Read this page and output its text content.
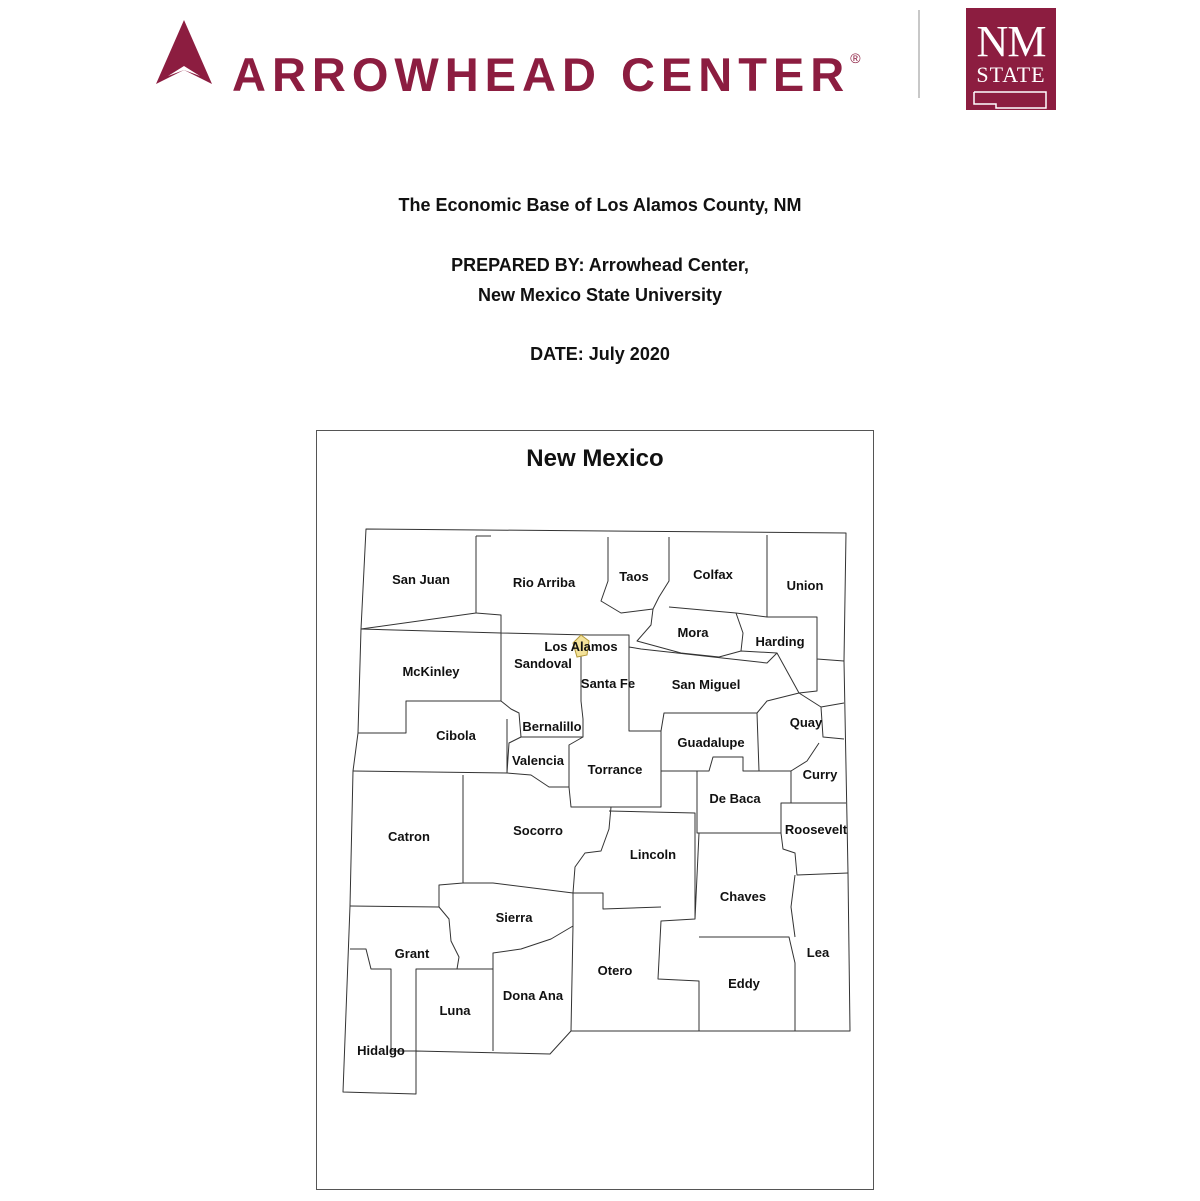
ARROWHEAD CENTER®	NM
STATE
The Economic Base of Los Alamos County, NM
PREPARED BY: Arrowhead Center,
New Mexico State University
DATE: July 2020
New Mexico
San Juan	Rio Arriba	Taos	Colfax
Union
Mora
Harding
Los Alamos
Sandoval
McKinley
Santa Fe	San Miguel
Bernalillo
Cibola
Quay
Guadalupe
Valencia
Torrance	Curry
De Baca
Catron	Socorro	Roosevelt
Lincoln
Chaves
Sierra
Grant	Lea
Otero
Dona Ana
Eddy
Luna
Hidalgo
